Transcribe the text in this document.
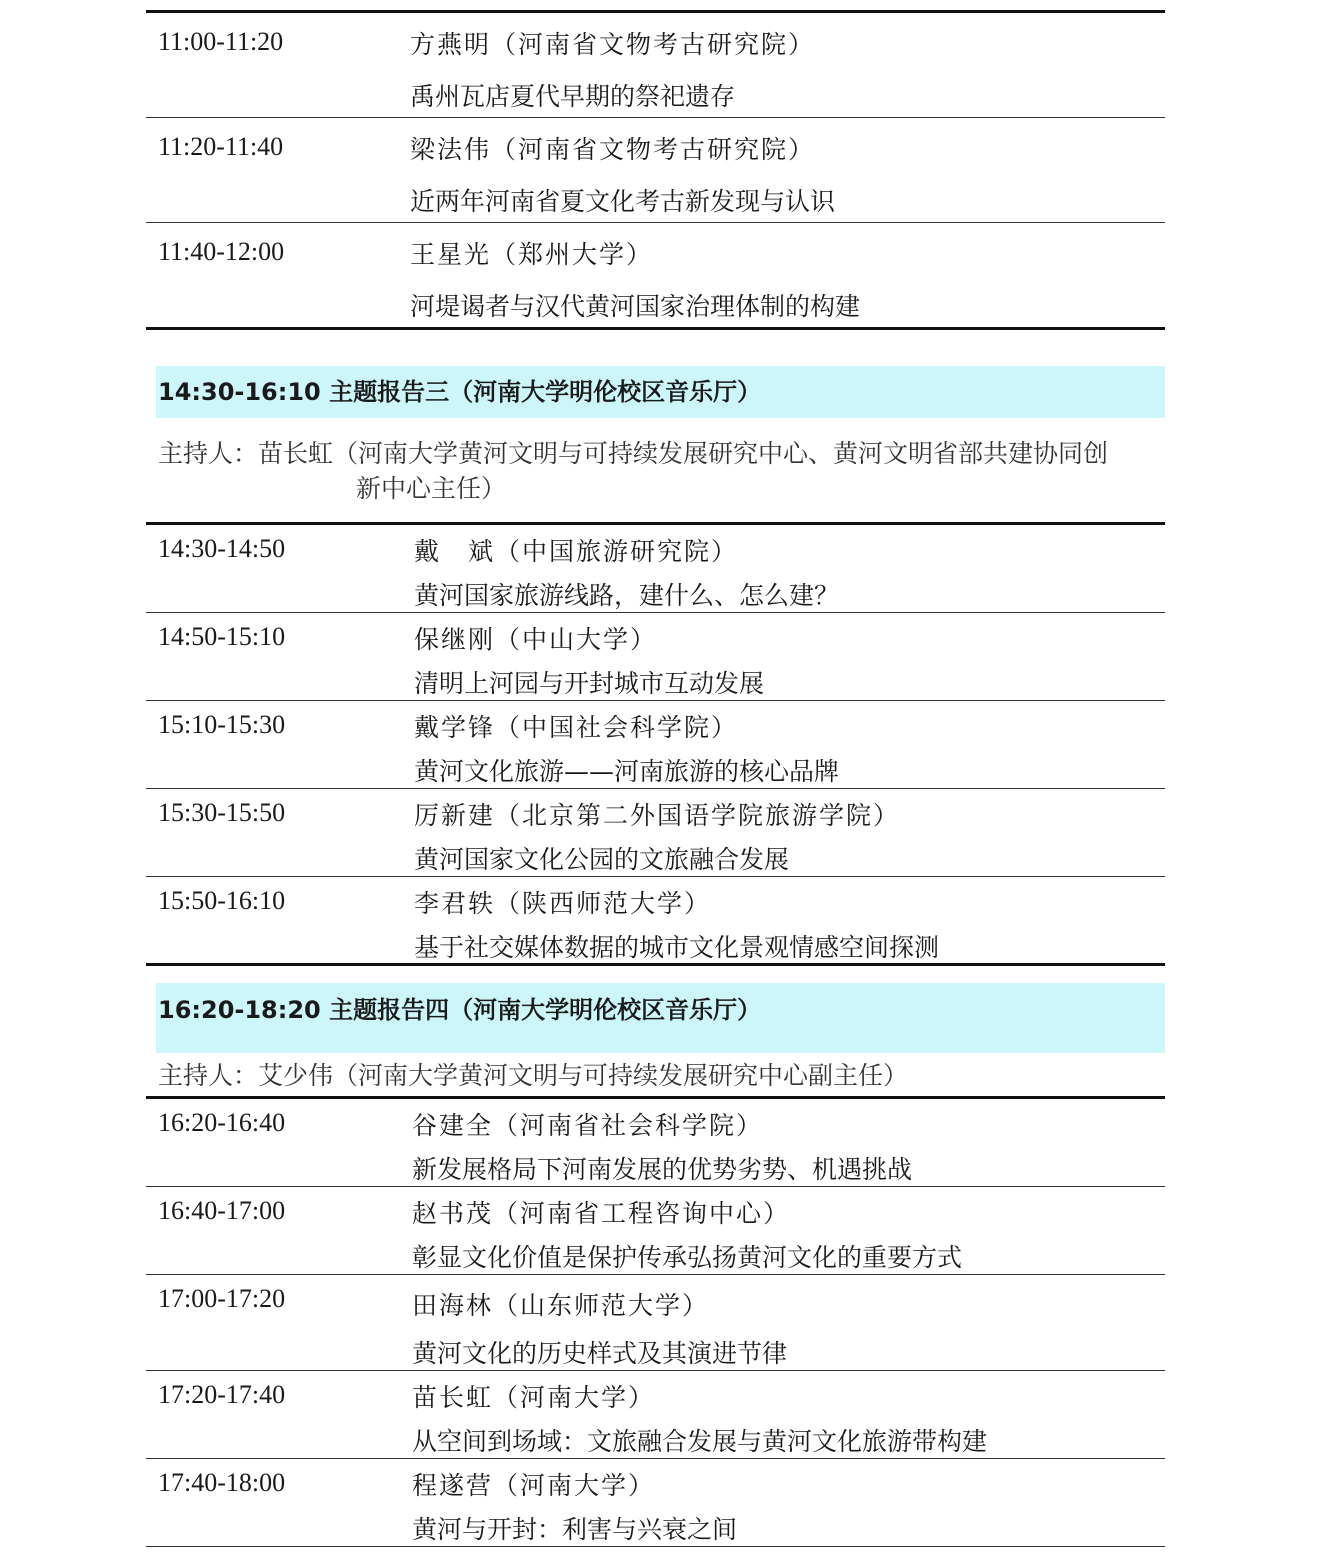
11:00-11:20	方燕明（河南省文物考古研究院）
禹州瓦店夏代早期的祭祀遗存
11:20-11:40	梁法伟（河南省文物考古研究院）
近两年河南省夏文化考古新发现与认识
11:40-12:00	王星光（郑州大学）
河堤谒者与汉代黄河国家治理体制的构建
14:30-16:10 主题报告三（河南大学明伦校区音乐厅）
主持人：苗长虹（河南大学黄河文明与可持续发展研究中心、黄河文明省部共建协同创
新中心主任）
14:30-14:50	戴　斌（中国旅游研究院）
黄河国家旅游线路，建什么、怎么建？
14:50-15:10	保继刚（中山大学）
清明上河园与开封城市互动发展
15:10-15:30	戴学锋（中国社会科学院）
黄河文化旅游——河南旅游的核心品牌
15:30-15:50	厉新建（北京第二外国语学院旅游学院）
黄河国家文化公园的文旅融合发展
15:50-16:10	李君轶（陕西师范大学）
基于社交媒体数据的城市文化景观情感空间探测
16:20-18:20 主题报告四（河南大学明伦校区音乐厅）
主持人：艾少伟（河南大学黄河文明与可持续发展研究中心副主任）
16:20-16:40	谷建全（河南省社会科学院）
新发展格局下河南发展的优势劣势、机遇挑战
16:40-17:00	赵书茂（河南省工程咨询中心）
彰显文化价值是保护传承弘扬黄河文化的重要方式
17:00-17:20	田海林（山东师范大学）
黄河文化的历史样式及其演进节律
17:20-17:40	苗长虹（河南大学）
从空间到场域：文旅融合发展与黄河文化旅游带构建
17:40-18:00	程遂营（河南大学）
黄河与开封：利害与兴衰之间
